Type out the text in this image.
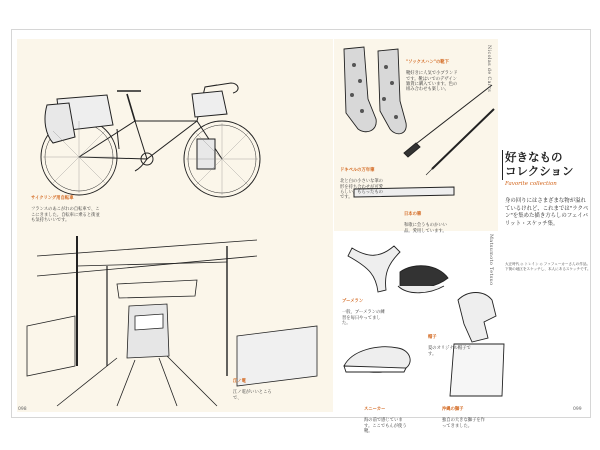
サイクリング用自転車

フランスのあこがれの自転車で、ここにきました。自転車に乗ると街並も気持ちいいです。

Nicolas de Carrs

"ソックスハン"の靴下

靴好きに人気で小ブランドです。靴はいでのデザイン雑貨に購入ています。色の組み合わせも楽しい。

ドキペルの万年筆

北と白の小さいな筆の形を持ち合わせが可愛らしい。もらったものです。

日本の筆

和歌に会うものかいい品。愛用しています。

江ノ電

江ノ電がいいところで、

Matsumoto Tetsuo

ブーメラン

一般、ブーメランの練習を毎日やってました。

帽子

夏のオリジナル帽子です。

スニーカー

海の前で感じています。ここでもんが使う靴。

沖縄の獅子

独自の大きな獅子を作ってきました。

好きなもの
コレクション
Favorite collection
身の回りにはさまざまな物が溢れているけれど、これまでは"ラクペン"を集めた描き方らしのフェイバリット・スケッチ集。
大正時代 ◇ トレイン ◇ ファフェーカーさんの作品。 下街の地区をスケッチし、本人にあるスケッチです。
098	099
